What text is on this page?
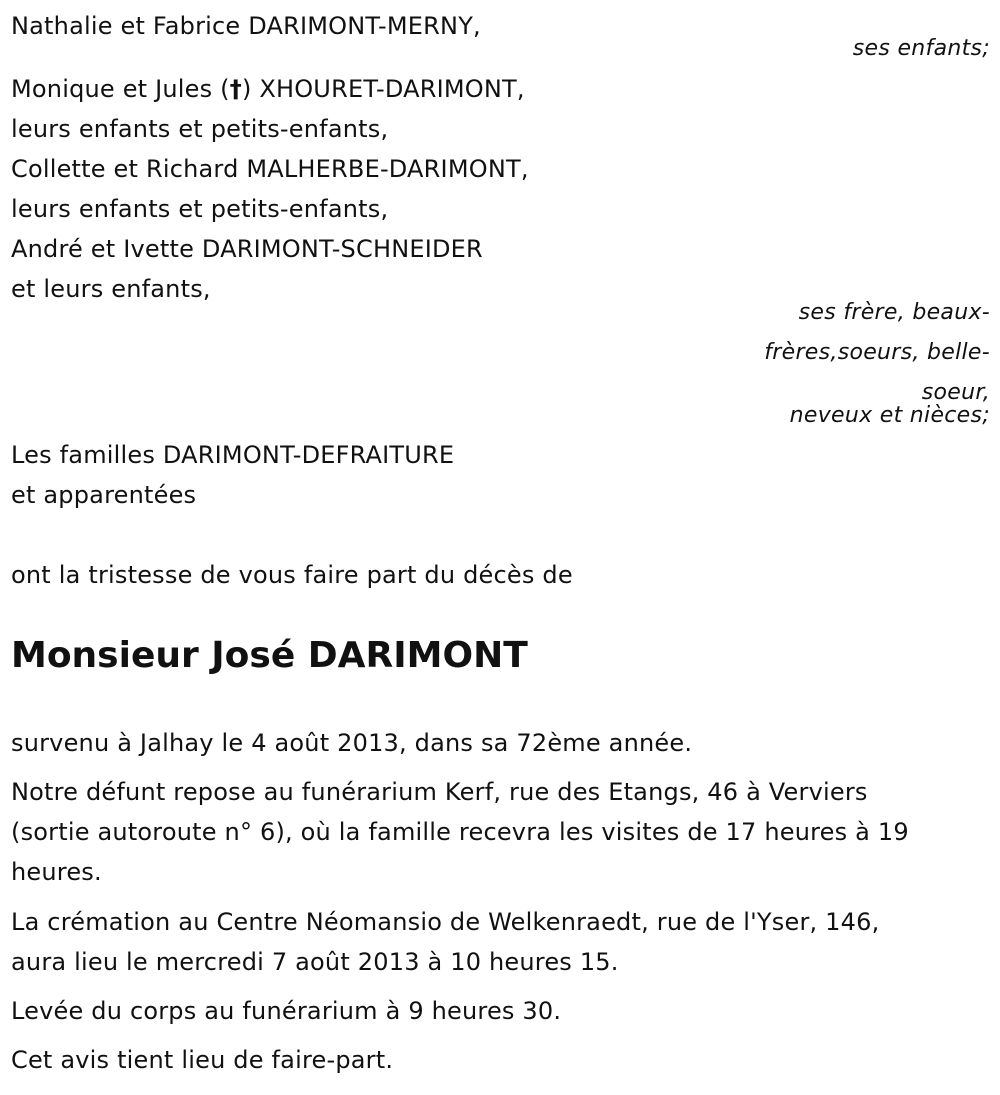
Nathalie et Fabrice DARIMONT-MERNY,
ses enfants;
Monique et Jules (†) XHOURET-DARIMONT,
leurs enfants et petits-enfants,
Collette et Richard MALHERBE-DARIMONT,
leurs enfants et petits-enfants,
André et Ivette DARIMONT-SCHNEIDER
et leurs enfants,
ses frère, beaux-
frères,soeurs, belle-
soeur,
neveux et nièces;
Les familles DARIMONT-DEFRAITURE
et apparentées
ont la tristesse de vous faire part du décès de
Monsieur José DARIMONT
survenu à Jalhay le 4 août 2013, dans sa 72ème année.
Notre défunt repose au funérarium Kerf, rue des Etangs, 46 à Verviers
(sortie autoroute n° 6), où la famille recevra les visites de 17 heures à 19
heures.
La crémation au Centre Néomansio de Welkenraedt, rue de l'Yser, 146,
aura lieu le mercredi 7 août 2013 à 10 heures 15.
Levée du corps au funérarium à 9 heures 30.
Cet avis tient lieu de faire-part.
